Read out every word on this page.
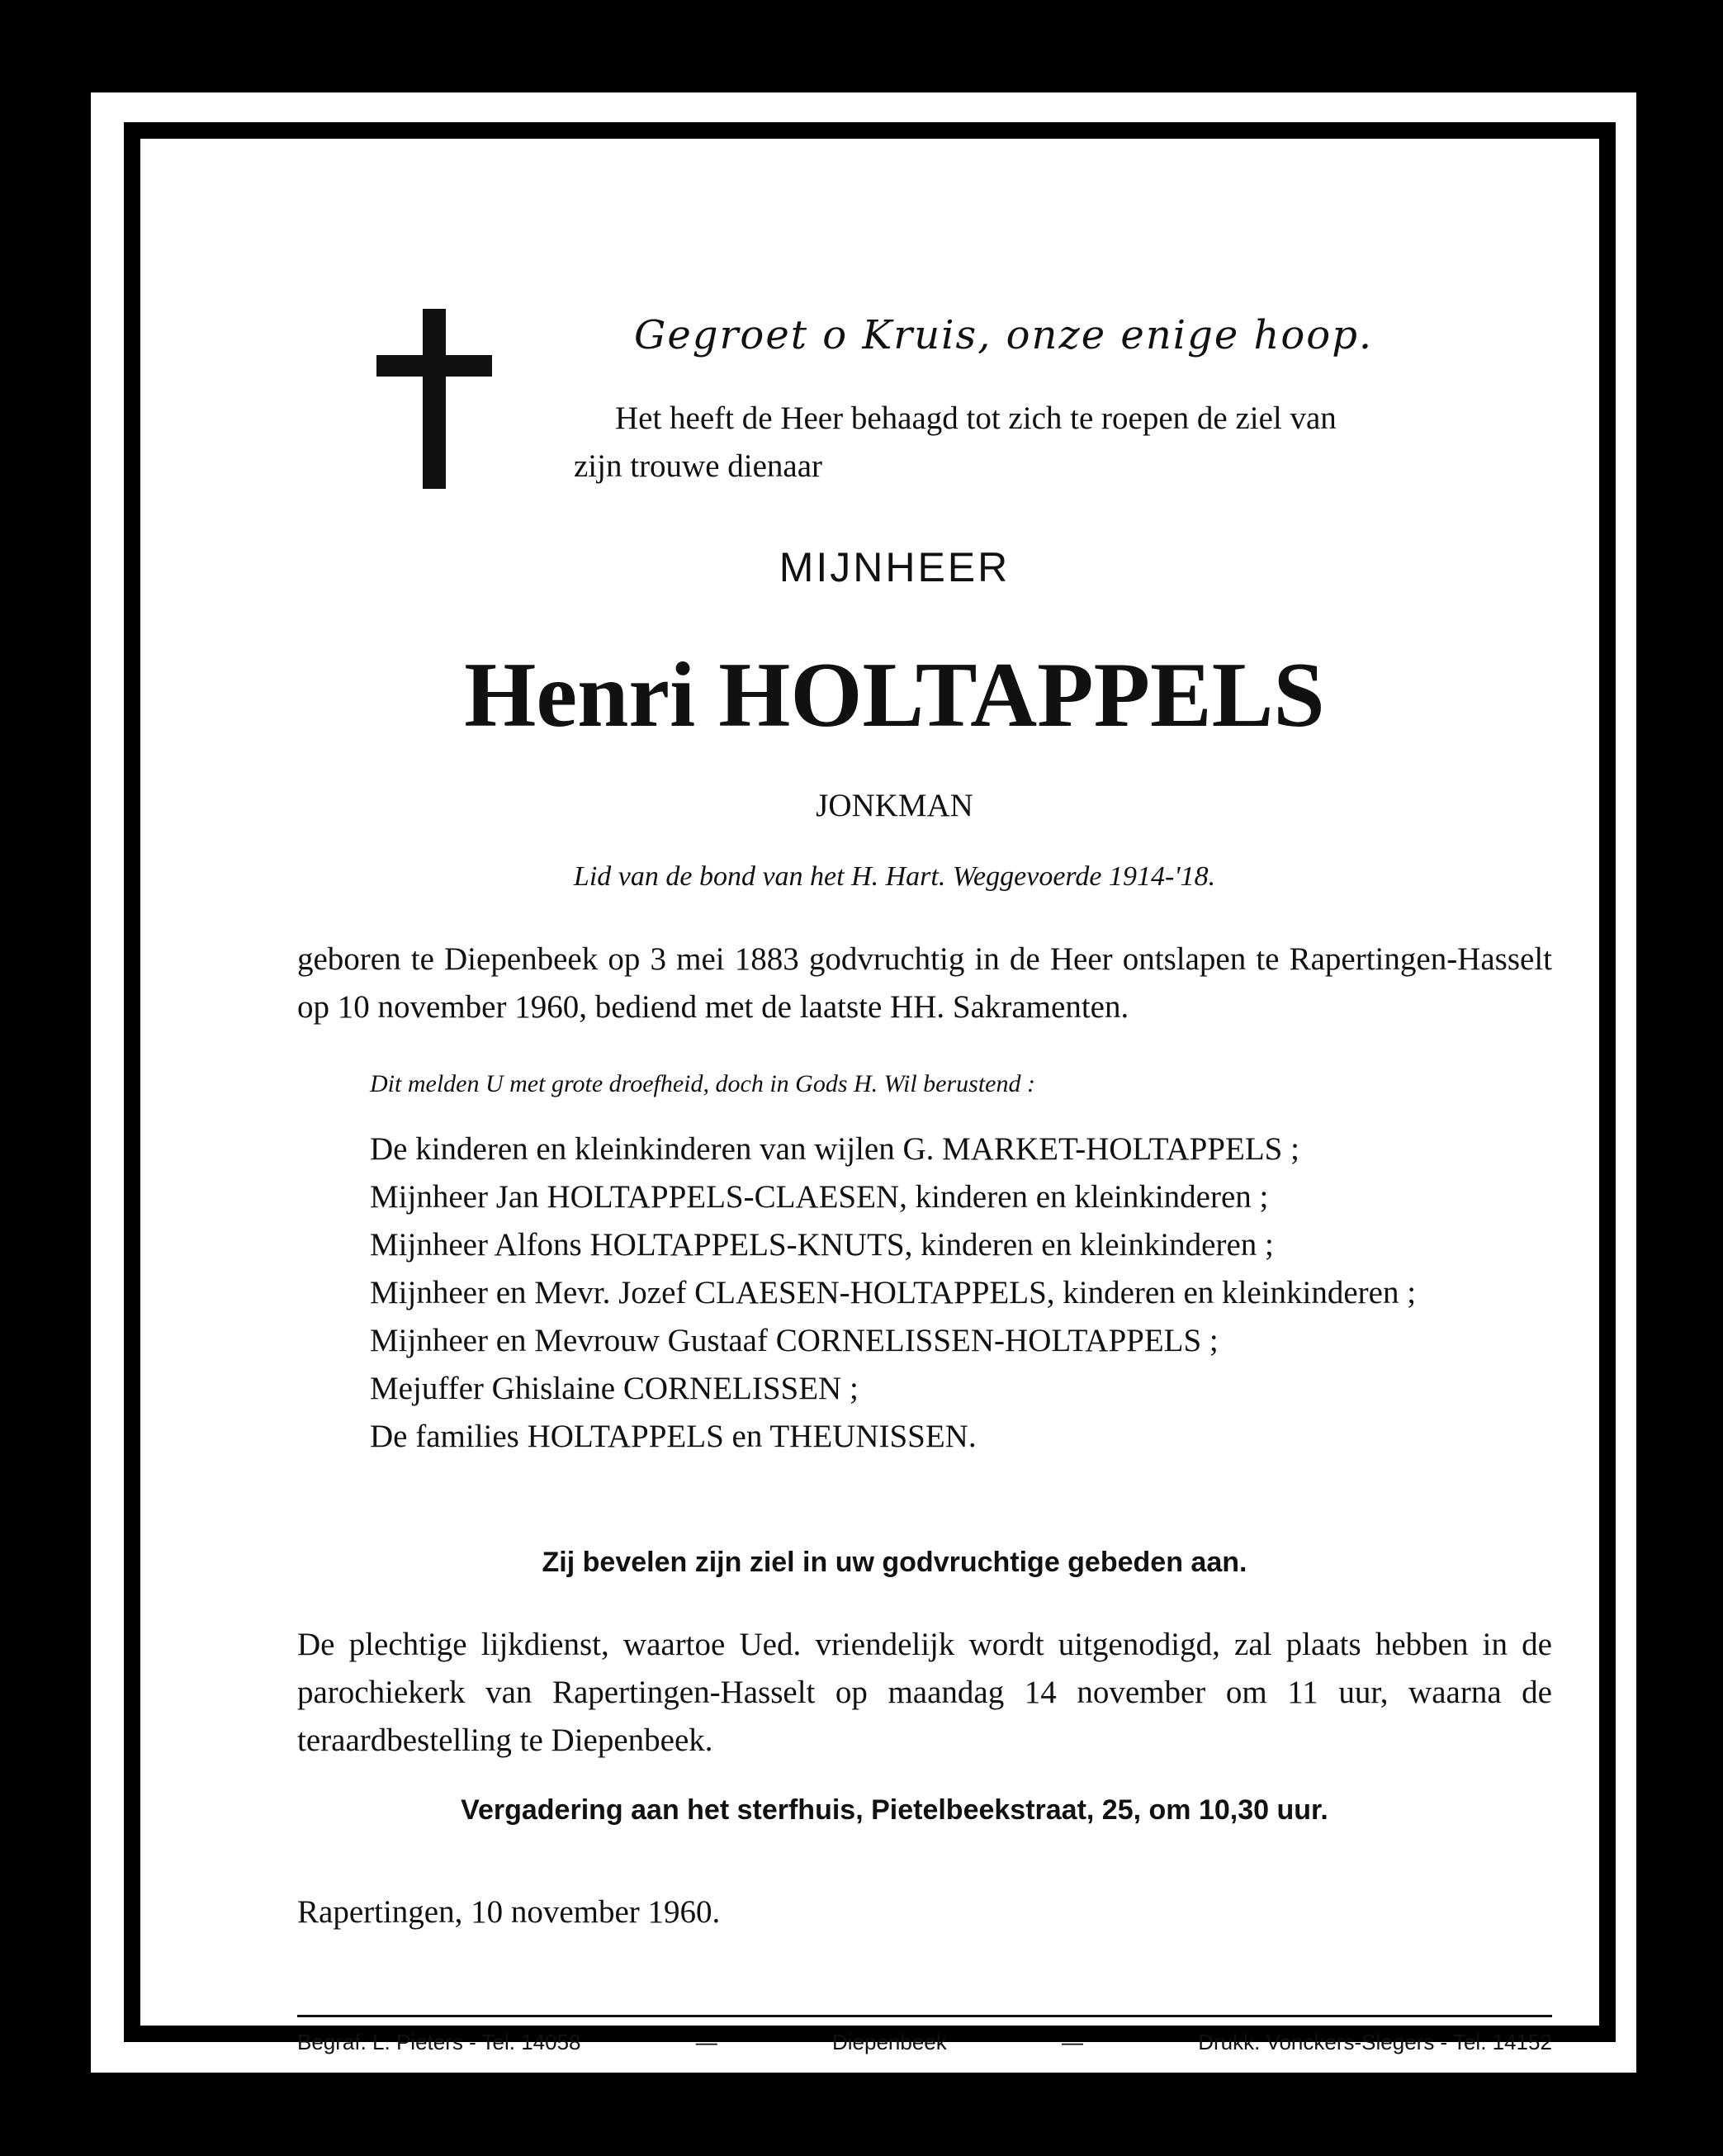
Gegroet o Kruis, onze enige hoop.

Het heeft de Heer behaagd tot zich te roepen de ziel van

zijn trouwe dienaar

MIJNHEER

Henri HOLTAPPELS

JONKMAN

Lid van de bond van het H. Hart. Weggevoerde 1914-'18.

geboren te Diepenbeek op 3 mei 1883 godvruchtig in de Heer ontslapen te Rapertingen-Hasselt op 10 november 1960, bediend met de laatste HH. Sakramenten.

Dit melden U met grote droefheid, doch in Gods H. Wil berustend :

De kinderen en kleinkinderen van wijlen G. MARKET-HOLTAPPELS ;
Mijnheer Jan HOLTAPPELS-CLAESEN, kinderen en kleinkinderen ;
Mijnheer Alfons HOLTAPPELS-KNUTS, kinderen en kleinkinderen ;
Mijnheer en Mevr. Jozef CLAESEN-HOLTAPPELS, kinderen en kleinkinderen ;
Mijnheer en Mevrouw Gustaaf CORNELISSEN-HOLTAPPELS ;
Mejuffer Ghislaine CORNELISSEN ;
De families HOLTAPPELS en THEUNISSEN.

Zij bevelen zijn ziel in uw godvruchtige gebeden aan.

De plechtige lijkdienst, waartoe Ued. vriendelijk wordt uitgenodigd, zal plaats hebben in de parochiekerk van Rapertingen-Hasselt op maandag 14 november om 11 uur, waarna de teraardbestelling te Diepenbeek.

Vergadering aan het sterfhuis, Pietelbeekstraat, 25, om 10,30 uur.

Rapertingen, 10 november 1960.

Begraf. L. Pieters - Tel. 14058	—	Diepenbeek	—	Drukk. Vonckers-Slegers - Tel. 14152
